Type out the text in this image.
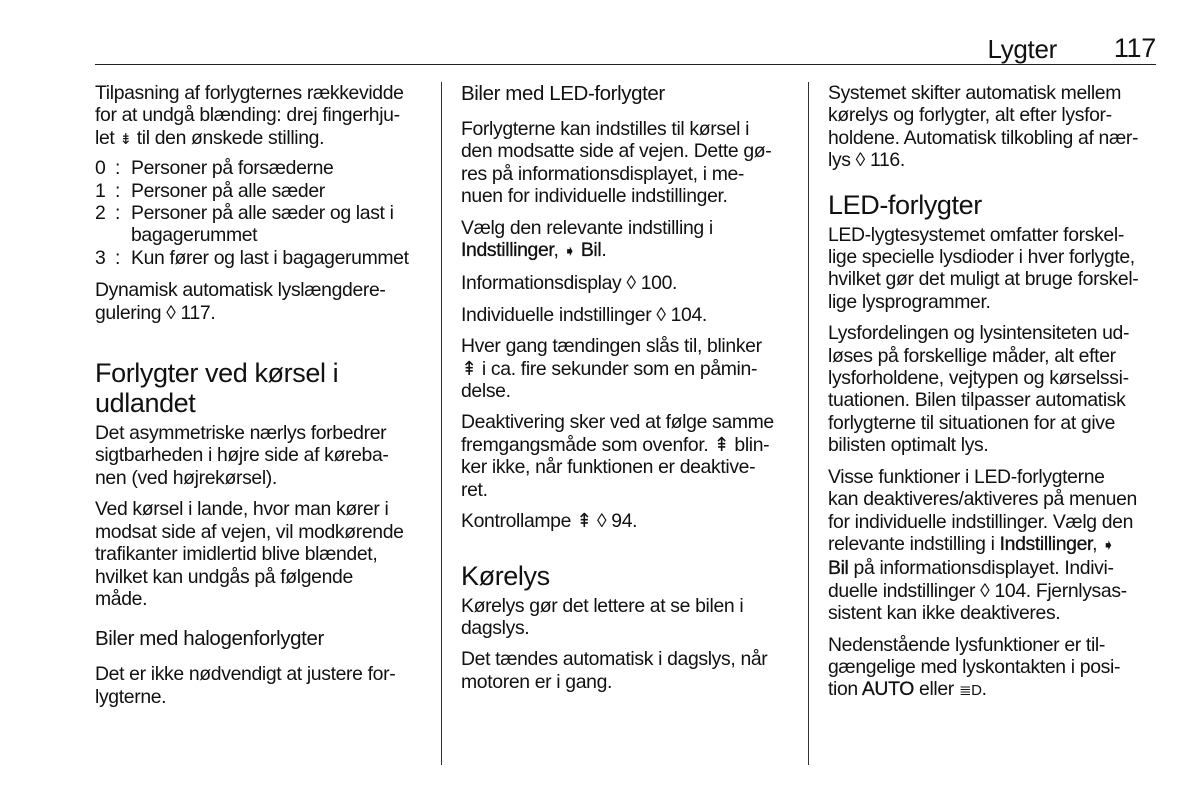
Lygter 117

Tilpasning af forlygternes rækkevidde
for at undgå blænding: drej fingerhju-
let ⇟ til den ønskede stilling.

0 : Personer på forsæderne
1 : Personer på alle sæder
2 : Personer på alle sæder og last i bagagerummet
3 : Kun fører og last i bagagerummet

Dynamisk automatisk lyslængdere-
gulering ◊ 117.

Forlygter ved kørsel i
udlandet

Det asymmetriske nærlys forbedrer
sigtbarheden i højre side af køreba-
nen (ved højrekørsel).

Ved kørsel i lande, hvor man kører i
modsat side af vejen, vil modkørende
trafikanter imidlertid blive blændet,
hvilket kan undgås på følgende
måde.

Biler med halogenforlygter

Det er ikke nødvendigt at justere for-
lygterne.

Biler med LED-forlygter

Forlygterne kan indstilles til kørsel i
den modsatte side af vejen. Dette gø-
res på informationsdisplayet, i me-
nuen for individuelle indstillinger.

Vælg den relevante indstilling i
Indstillinger, ➧ Bil.

Informationsdisplay ◊ 100.

Individuelle indstillinger ◊ 104.

Hver gang tændingen slås til, blinker
⇞ i ca. fire sekunder som en påmin-
delse.

Deaktivering sker ved at følge samme
fremgangsmåde som ovenfor. ⇞ blin-
ker ikke, når funktionen er deaktive-
ret.

Kontrollampe ⇞ ◊ 94.

Kørelys

Kørelys gør det lettere at se bilen i
dagslys.

Det tændes automatisk i dagslys, når
motoren er i gang.

Systemet skifter automatisk mellem
kørelys og forlygter, alt efter lysfor-
holdene. Automatisk tilkobling af nær-
lys ◊ 116.

LED-forlygter

LED-lygtesystemet omfatter forskel-
lige specielle lysdioder i hver forlygte,
hvilket gør det muligt at bruge forskel-
lige lysprogrammer.

Lysfordelingen og lysintensiteten ud-
løses på forskellige måder, alt efter
lysforholdene, vejtypen og kørselssi-
tuationen. Bilen tilpasser automatisk
forlygterne til situationen for at give
bilisten optimalt lys.

Visse funktioner i LED-forlygterne
kan deaktiveres/aktiveres på menuen
for individuelle indstillinger. Vælg den
relevante indstilling i Indstillinger, ➧
Bil på informationsdisplayet. Indivi-
duelle indstillinger ◊ 104. Fjernlysas-
sistent kan ikke deaktiveres.

Nedenstående lysfunktioner er til-
gængelige med lyskontakten i posi-
tion AUTO eller ≣D.
